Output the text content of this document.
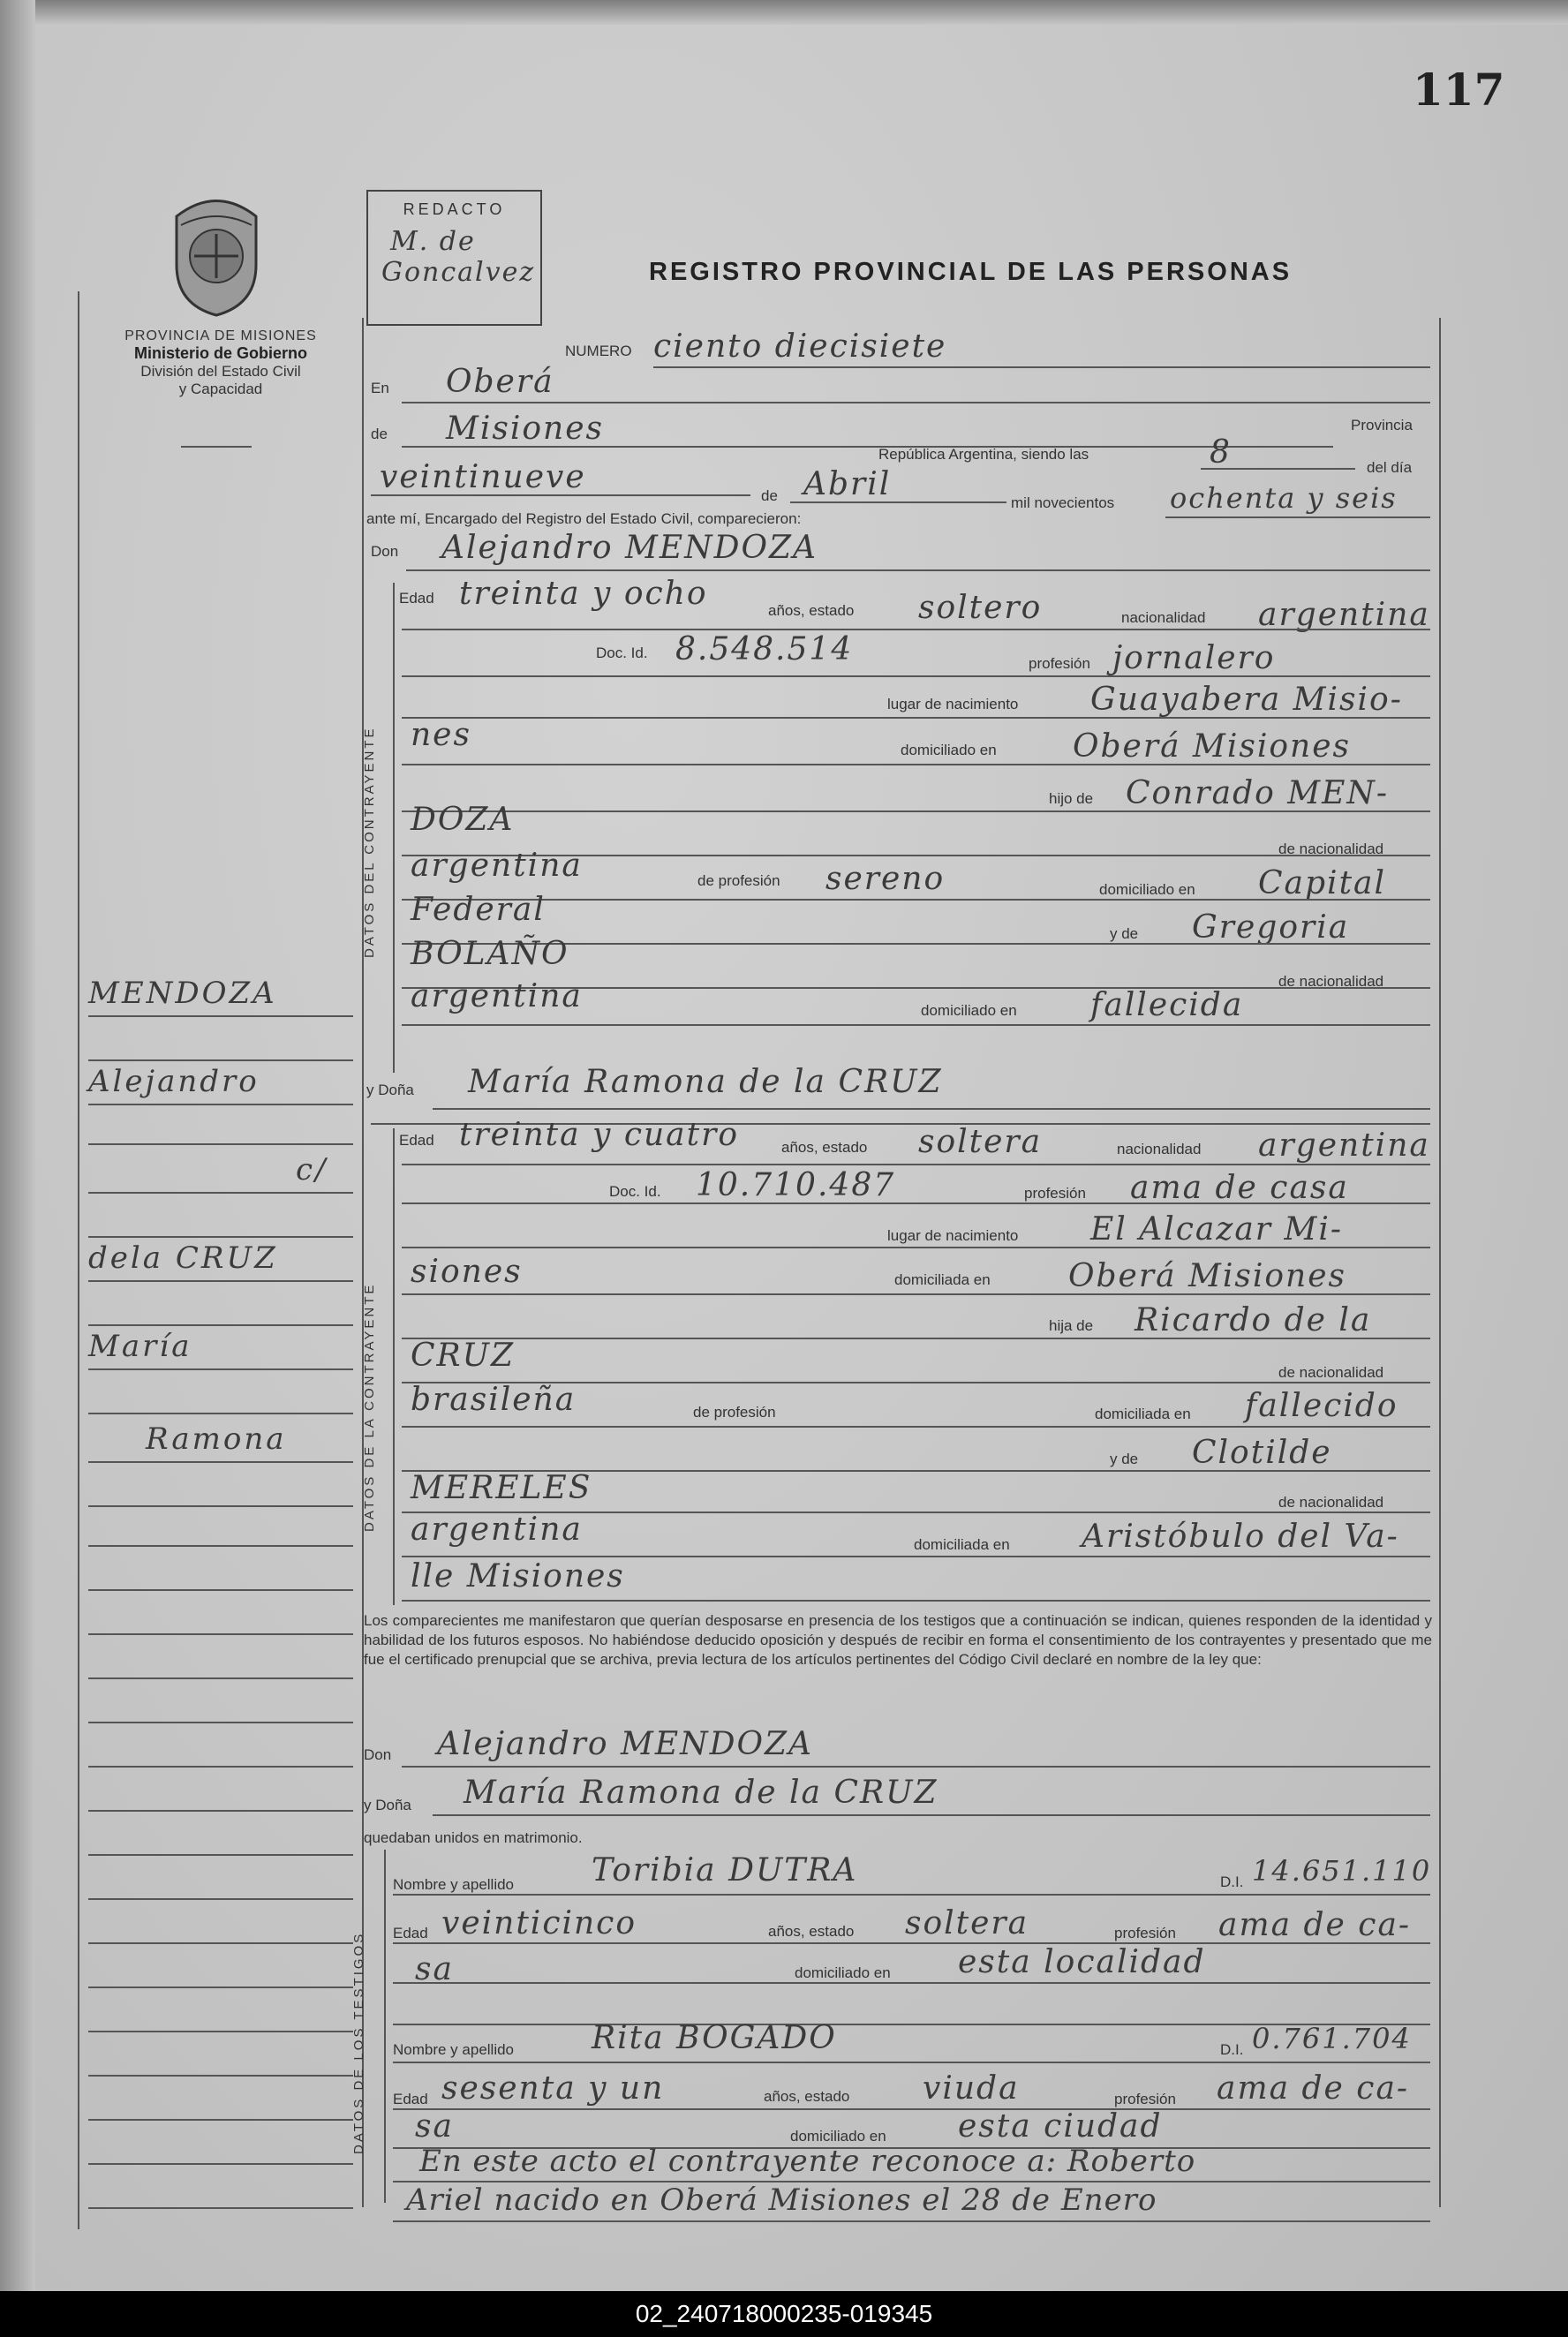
117
PROVINCIA DE MISIONES
Ministerio de Gobierno
División del Estado Civil
y Capacidad
MENDOZA
Alejandro
c/
dela CRUZ
María
Ramona
REDACTO
M. de
Goncalvez	REGISTRO PROVINCIAL DE LAS PERSONAS
NUMERO ciento diecisiete
En Oberá
de Misiones	Provincia
República Argentina, siendo las	8	del día
veintinueve
de Abril
mil novecientos ochenta y seis
ante mí, Encargado del Registro del Estado Civil, comparecieron:
Don Alejandro MENDOZA
DATOS DEL CONTRAYENTE
Edad treinta y ocho	años, estado soltero	nacionalidad argentina
Doc. Id. 8.548.514	profesión jornalero
lugar de nacimiento Guayabera Misio-
nes	domiciliado en Oberá Misiones
hijo de Conrado MEN-
DOZA
de nacionalidad
argentina	de profesión sereno	domiciliado en Capital
Federal
y de Gregoria
BOLAÑO
de nacionalidad
argentina	domiciliado en fallecida
y Doña María Ramona de la CRUZ
DATOS DE LA CONTRAYENTE
Edad treinta y cuatro	años, estado soltera	nacionalidad argentina
Doc. Id. 10.710.487	profesión ama de casa
lugar de nacimiento El Alcazar Mi-
siones	domiciliada en Oberá Misiones
hija de Ricardo de la
CRUZ	de nacionalidad
brasileña	de profesión	domiciliada en fallecido
y de Clotilde
MERELES	de nacionalidad
argentina	domiciliada en Aristóbulo del Va-
lle Misiones
Los comparecientes me manifestaron que querían desposarse en presencia de los testigos que a continuación se indican, quienes responden de la identidad y habilidad de los futuros esposos. No habiéndose deducido oposición y después de recibir en forma el consentimiento de los contrayentes y presentado que me fue el certificado prenupcial que se archiva, previa lectura de los artículos pertinentes del Código Civil declaré en nombre de la ley que:
Don Alejandro MENDOZA
y Doña María Ramona de la CRUZ
quedaban unidos en matrimonio.
DATOS DE LOS TESTIGOS
Nombre y apellido Toribia DUTRA	D.I. 14.651.110
Edad veinticinco	años, estado soltera	profesión ama de ca-
sa	domiciliado en esta localidad
Nombre y apellido Rita BOGADO	D.I. 0.761.704
Edad sesenta y un	años, estado viuda	profesión ama de ca-
sa	domiciliado en esta ciudad
En este acto el contrayente reconoce a: Roberto
Ariel nacido en Oberá Misiones el 28 de Enero
02_240718000235-019345
